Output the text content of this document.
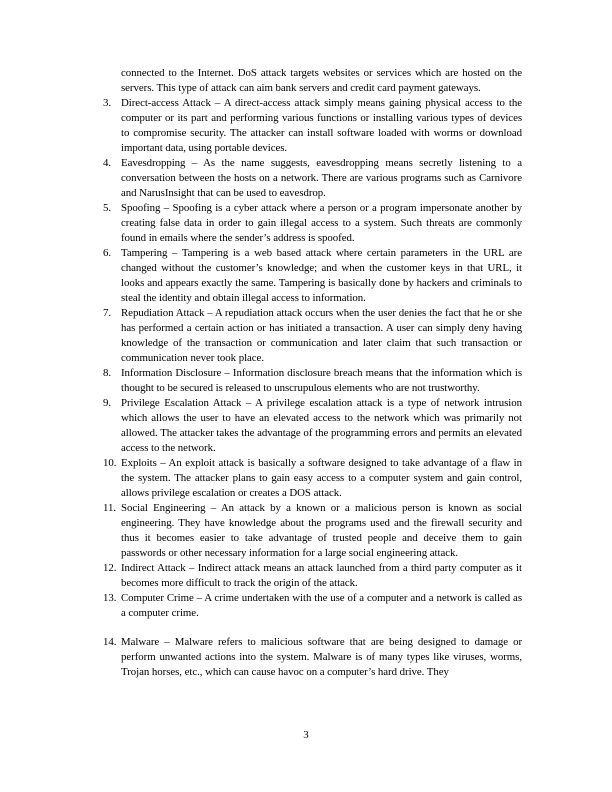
connected to the Internet. DoS attack targets websites or services which are hosted on the servers. This type of attack can aim bank servers and credit card payment gateways.

3. Direct-access Attack – A direct-access attack simply means gaining physical access to the computer or its part and performing various functions or installing various types of devices to compromise security. The attacker can install software loaded with worms or download important data, using portable devices.
4. Eavesdropping – As the name suggests, eavesdropping means secretly listening to a conversation between the hosts on a network. There are various programs such as Carnivore and NarusInsight that can be used to eavesdrop.
5. Spoofing – Spoofing is a cyber attack where a person or a program impersonate another by creating false data in order to gain illegal access to a system. Such threats are commonly found in emails where the sender’s address is spoofed.
6. Tampering – Tampering is a web based attack where certain parameters in the URL are changed without the customer’s knowledge; and when the customer keys in that URL, it looks and appears exactly the same. Tampering is basically done by hackers and criminals to steal the identity and obtain illegal access to information.
7. Repudiation Attack – A repudiation attack occurs when the user denies the fact that he or she has performed a certain action or has initiated a transaction. A user can simply deny having knowledge of the transaction or communication and later claim that such transaction or communication never took place.
8. Information Disclosure – Information disclosure breach means that the information which is thought to be secured is released to unscrupulous elements who are not trustworthy.
9. Privilege Escalation Attack – A privilege escalation attack is a type of network intrusion which allows the user to have an elevated access to the network which was primarily not allowed. The attacker takes the advantage of the programming errors and permits an elevated access to the network.
10. Exploits – An exploit attack is basically a software designed to take advantage of a flaw in the system. The attacker plans to gain easy access to a computer system and gain control, allows privilege escalation or creates a DOS attack.
11. Social Engineering – An attack by a known or a malicious person is known as social engineering. They have knowledge about the programs used and the firewall security and thus it becomes easier to take advantage of trusted people and deceive them to gain passwords or other necessary information for a large social engineering attack.
12. Indirect Attack – Indirect attack means an attack launched from a third party computer as it becomes more difficult to track the origin of the attack.
13. Computer Crime – A crime undertaken with the use of a computer and a network is called as a computer crime.
14. Malware – Malware refers to malicious software that are being designed to damage or perform unwanted actions into the system. Malware is of many types like viruses, worms, Trojan horses, etc., which can cause havoc on a computer’s hard drive. They
3
